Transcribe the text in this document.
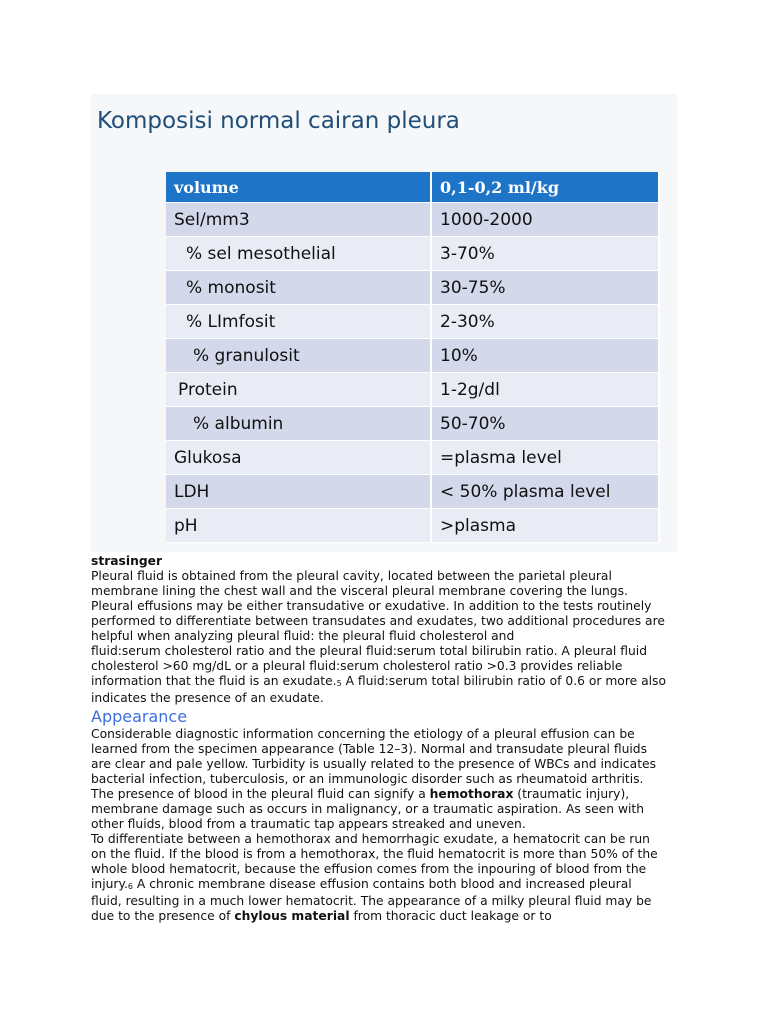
Komposisi normal cairan pleura
volume	0,1-0,2 ml/kg
Sel/mm3	1000-2000
% sel mesothelial	3-70%
% monosit	30-75%
% LImfosit	2-30%
% granulosit	10%
Protein	1-2g/dl
% albumin	50-70%
Glukosa	=plasma level
LDH	< 50% plasma level
pH	>plasma
strasinger
Pleural fluid is obtained from the pleural cavity, located between the parietal pleural
membrane lining the chest wall and the visceral pleural membrane covering the lungs.
Pleural effusions may be either transudative or exudative. In addition to the tests routinely
performed to differentiate between transudates and exudates, two additional procedures are
helpful when analyzing pleural fluid: the pleural fluid cholesterol and
fluid:serum cholesterol ratio and the pleural fluid:serum total bilirubin ratio. A pleural fluid
cholesterol >60 mg/dL or a pleural fluid:serum cholesterol ratio >0.3 provides reliable
information that the fluid is an $exudate._5$ A fluid:serum total bilirubin ratio of 0.6 or more also
indicates the presence of an exudate.
Appearance
Considerable diagnostic information concerning the etiology of a pleural effusion can be
learned from the specimen appearance (Table 12–3). Normal and transudate pleural fluids
are clear and pale yellow. Turbidity is usually related to the presence of WBCs and indicates
bacterial infection, tuberculosis, or an immunologic disorder such as rheumatoid arthritis.
The presence of blood in the pleural fluid can signify a hemothorax (traumatic injury),
membrane damage such as occurs in malignancy, or a traumatic aspiration. As seen with
other fluids, blood from a traumatic tap appears streaked and uneven.
To differentiate between a hemothorax and hemorrhagic exudate, a hematocrit can be run
on the fluid. If the blood is from a hemothorax, the fluid hematocrit is more than 50% of the
whole blood hematocrit, because the effusion comes from the inpouring of blood from the
$injury._6$ A chronic membrane disease effusion contains both blood and increased pleural
fluid, resulting in a much lower hematocrit. The appearance of a milky pleural fluid may be
due to the presence of chylous material from thoracic duct leakage or to
